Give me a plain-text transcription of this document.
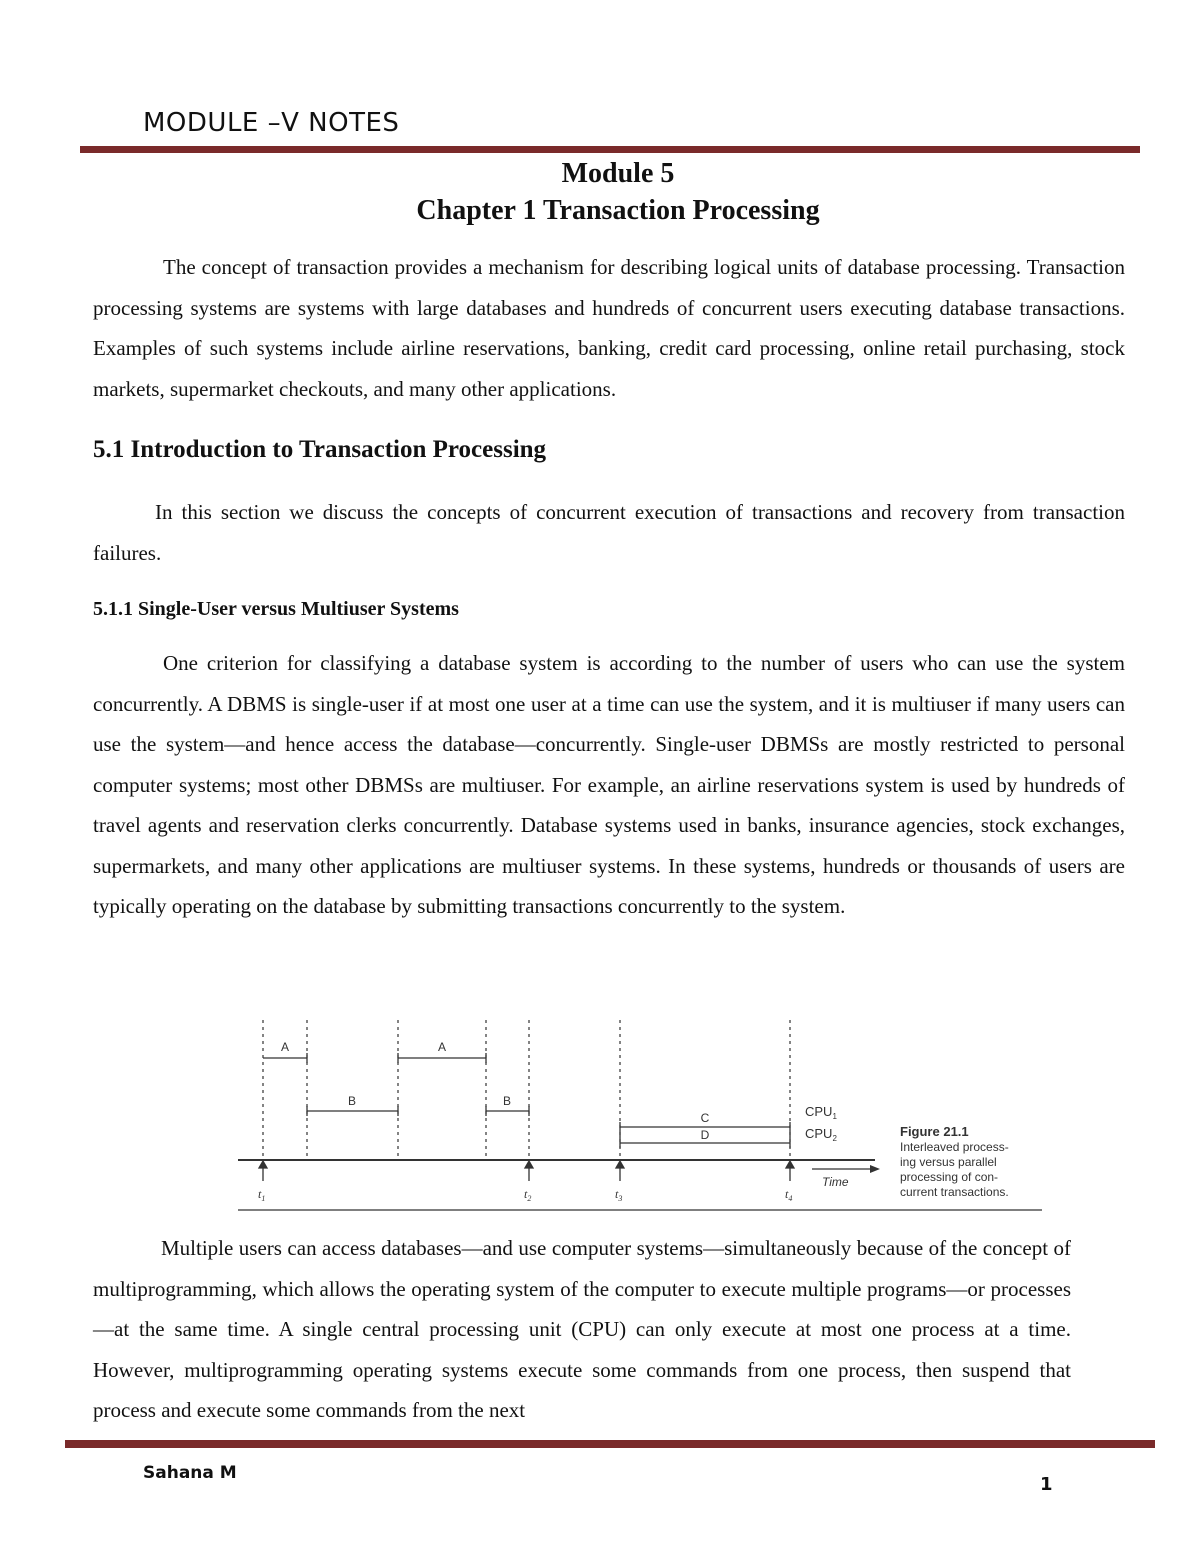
MODULE –V NOTES
Module 5
Chapter 1 Transaction Processing
The concept of transaction provides a mechanism for describing logical units of database processing. Transaction processing systems are systems with large databases and hundreds of concurrent users executing database transactions. Examples of such systems include airline reservations, banking, credit card processing, online retail purchasing, stock markets, supermarket checkouts, and many other applications.
5.1 Introduction to Transaction Processing
In this section we discuss the concepts of concurrent execution of transactions and recovery from transaction failures.
5.1.1 Single-User versus Multiuser Systems
One criterion for classifying a database system is according to the number of users who can use the system concurrently. A DBMS is single-user if at most one user at a time can use the system, and it is multiuser if many users can use the system—and hence access the database—concurrently. Single-user DBMSs are mostly restricted to personal computer systems; most other DBMSs are multiuser. For example, an airline reservations system is used by hundreds of travel agents and reservation clerks concurrently. Database systems used in banks, insurance agencies, stock exchanges, supermarkets, and many other applications are multiuser systems. In these systems, hundreds or thousands of users are typically operating on the database by submitting transactions concurrently to the system.
A	A
B	B
C
D
$CPU_1$
$CPU_2$
$t_1$	$t_2$	$t_3$	$t_4$
Time
Figure 21.1
Interleaved process-
ing versus parallel
processing of con-
current transactions.
Multiple users can access databases—and use computer systems—simultaneously because of the concept of multiprogramming, which allows the operating system of the computer to execute multiple programs—or processes—at the same time. A single central processing unit (CPU) can only execute at most one process at a time. However, multiprogramming operating systems execute some commands from one process, then suspend that process and execute some commands from the next
Sahana M
1
